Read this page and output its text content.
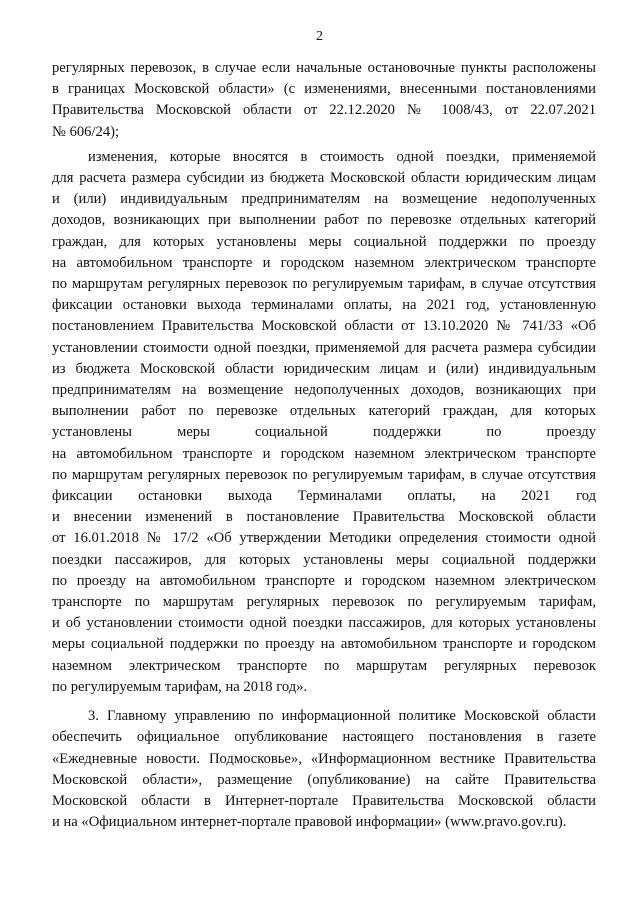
2

регулярных перевозок, в случае если начальные остановочные пункты расположены
в границах Московской области» (с изменениями, внесенными постановлениями
Правительства Московской области от 22.12.2020 № 1008/43, от 22.07.2021
№ 606/24);

изменения, которые вносятся в стоимость одной поездки, применяемой
для расчета размера субсидии из бюджета Московской области юридическим лицам
и (или) индивидуальным предпринимателям на возмещение недополученных
доходов, возникающих при выполнении работ по перевозке отдельных категорий
граждан, для которых установлены меры социальной поддержки по проезду
на автомобильном транспорте и городском наземном электрическом транспорте
по маршрутам регулярных перевозок по регулируемым тарифам, в случае отсутствия
фиксации остановки выхода терминалами оплаты, на 2021 год, установленную
постановлением Правительства Московской области от 13.10.2020 № 741/33 «Об
установлении стоимости одной поездки, применяемой для расчета размера субсидии
из бюджета Московской области юридическим лицам и (или) индивидуальным
предпринимателям на возмещение недополученных доходов, возникающих при
выполнении работ по перевозке отдельных категорий граждан, для которых
установлены меры социальной поддержки по проезду
на автомобильном транспорте и городском наземном электрическом транспорте
по маршрутам регулярных перевозок по регулируемым тарифам, в случае отсутствия
фиксации остановки выхода Терминалами оплаты, на 2021 год
и внесении изменений в постановление Правительства Московской области
от 16.01.2018 № 17/2 «Об утверждении Методики определения стоимости одной
поездки пассажиров, для которых установлены меры социальной поддержки
по проезду на автомобильном транспорте и городском наземном электрическом
транспорте по маршрутам регулярных перевозок по регулируемым тарифам,
и об установлении стоимости одной поездки пассажиров, для которых установлены
меры социальной поддержки по проезду на автомобильном транспорте и городском
наземном электрическом транспорте по маршрутам регулярных перевозок
по регулируемым тарифам, на 2018 год».

3. Главному управлению по информационной политике Московской области
обеспечить официальное опубликование настоящего постановления в газете
«Ежедневные новости. Подмосковье», «Информационном вестнике Правительства
Московской области», размещение (опубликование) на сайте Правительства
Московской области в Интернет-портале Правительства Московской области
и на «Официальном интернет-портале правовой информации» (www.pravo.gov.ru).
